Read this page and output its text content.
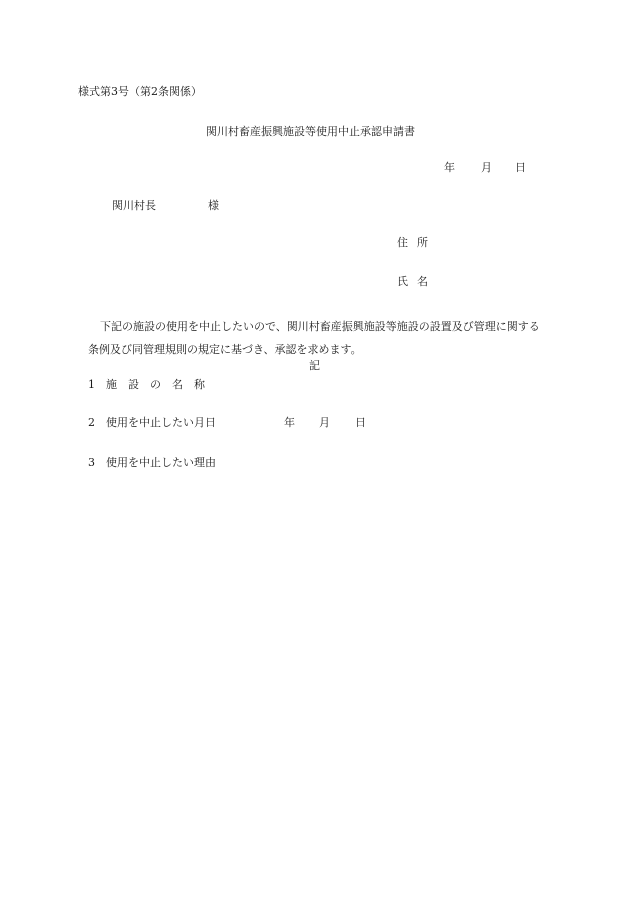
様式第3号（第2条関係）
関川村畜産振興施設等使用中止承認申請書
年 月 日
関川村長	様
住所
氏名
下記の施設の使用を中止したいので、関川村畜産振興施設等施設の設置及び管理に関する条例及び同管理規則の規定に基づき、承認を求めます。
記
1 施設の名称
2 使用を中止したい月日	年 月 日
3 使用を中止したい理由
